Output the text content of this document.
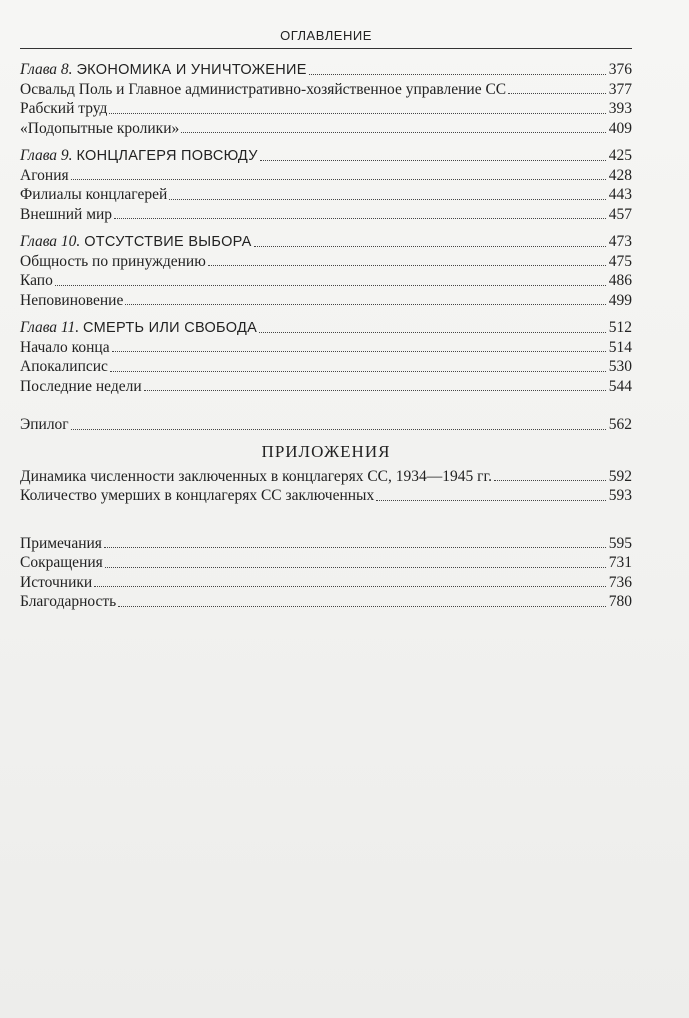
ОГЛАВЛЕНИЕ
Глава 8. ЭКОНОМИКА И УНИЧТОЖЕНИЕ	376
Освальд Поль и Главное административно-хозяйственное управление СС	377
Рабский труд	393
«Подопытные кролики»	409
Глава 9. КОНЦЛАГЕРЯ ПОВСЮДУ	425
Агония	428
Филиалы концлагерей	443
Внешний мир	457
Глава 10. ОТСУТСТВИЕ ВЫБОРА	473
Общность по принуждению	475
Капо	486
Неповиновение	499
Глава 11. СМЕРТЬ ИЛИ СВОБОДА	512
Начало конца	514
Апокалипсис	530
Последние недели	544
Эпилог	562
ПРИЛОЖЕНИЯ
Динамика численности заключенных в концлагерях СС, 1934—1945 гг.	592
Количество умерших в концлагерях СС заключенных	593
Примечания	595
Сокращения	731
Источники	736
Благодарность	780
